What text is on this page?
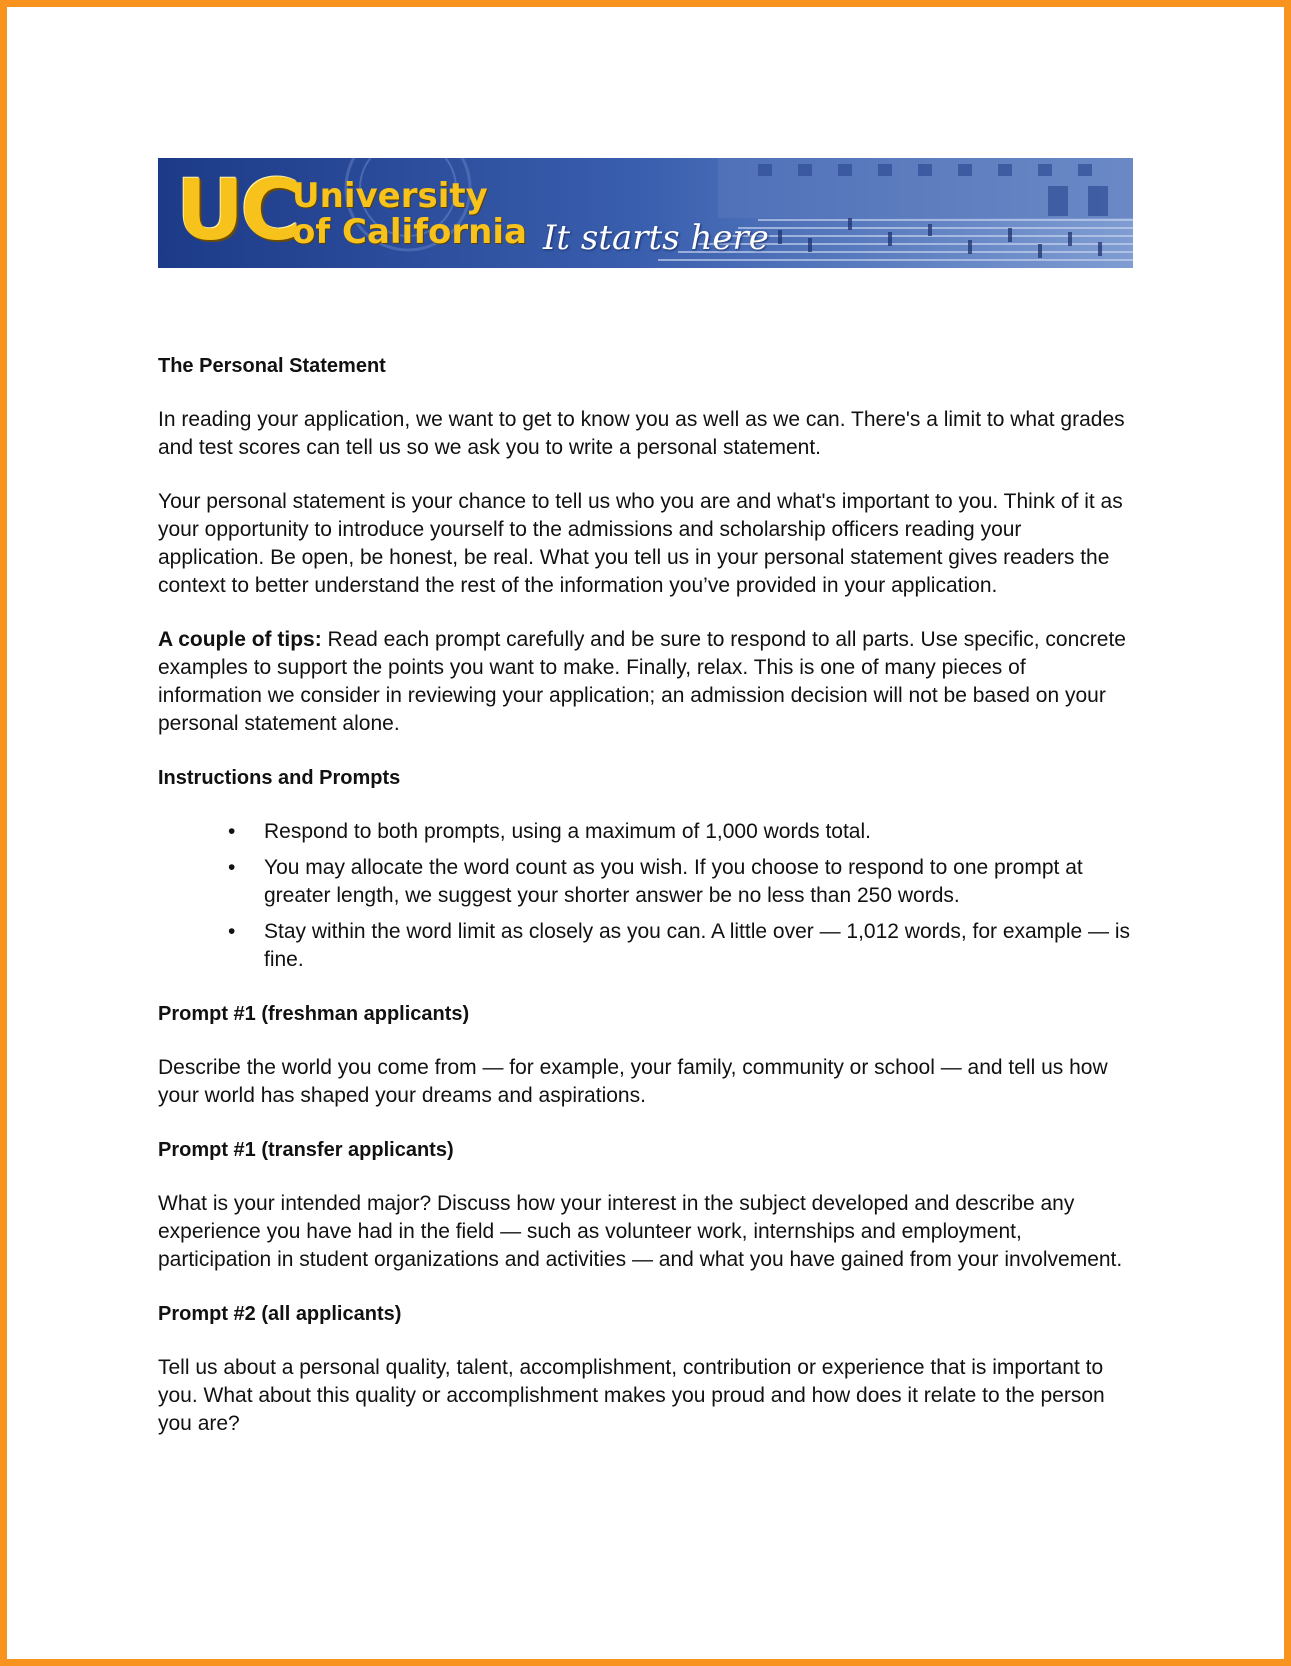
UC
University
of California It starts here

The Personal Statement

In reading your application, we want to get to know you as well as we can. There's a limit to what grades and test scores can tell us so we ask you to write a personal statement.

Your personal statement is your chance to tell us who you are and what's important to you. Think of it as your opportunity to introduce yourself to the admissions and scholarship officers reading your application. Be open, be honest, be real. What you tell us in your personal statement gives readers the context to better understand the rest of the information you’ve provided in your application.

A couple of tips: Read each prompt carefully and be sure to respond to all parts. Use specific, concrete examples to support the points you want to make. Finally, relax. This is one of many pieces of information we consider in reviewing your application; an admission decision will not be based on your personal statement alone.

Instructions and Prompts

• Respond to both prompts, using a maximum of 1,000 words total.
• You may allocate the word count as you wish. If you choose to respond to one prompt at greater length, we suggest your shorter answer be no less than 250 words.
• Stay within the word limit as closely as you can. A little over — 1,012 words, for example — is fine.

Prompt #1 (freshman applicants)

Describe the world you come from — for example, your family, community or school — and tell us how your world has shaped your dreams and aspirations.

Prompt #1 (transfer applicants)

What is your intended major? Discuss how your interest in the subject developed and describe any experience you have had in the field — such as volunteer work, internships and employment, participation in student organizations and activities — and what you have gained from your involvement.

Prompt #2 (all applicants)

Tell us about a personal quality, talent, accomplishment, contribution or experience that is important to you. What about this quality or accomplishment makes you proud and how does it relate to the person you are?
